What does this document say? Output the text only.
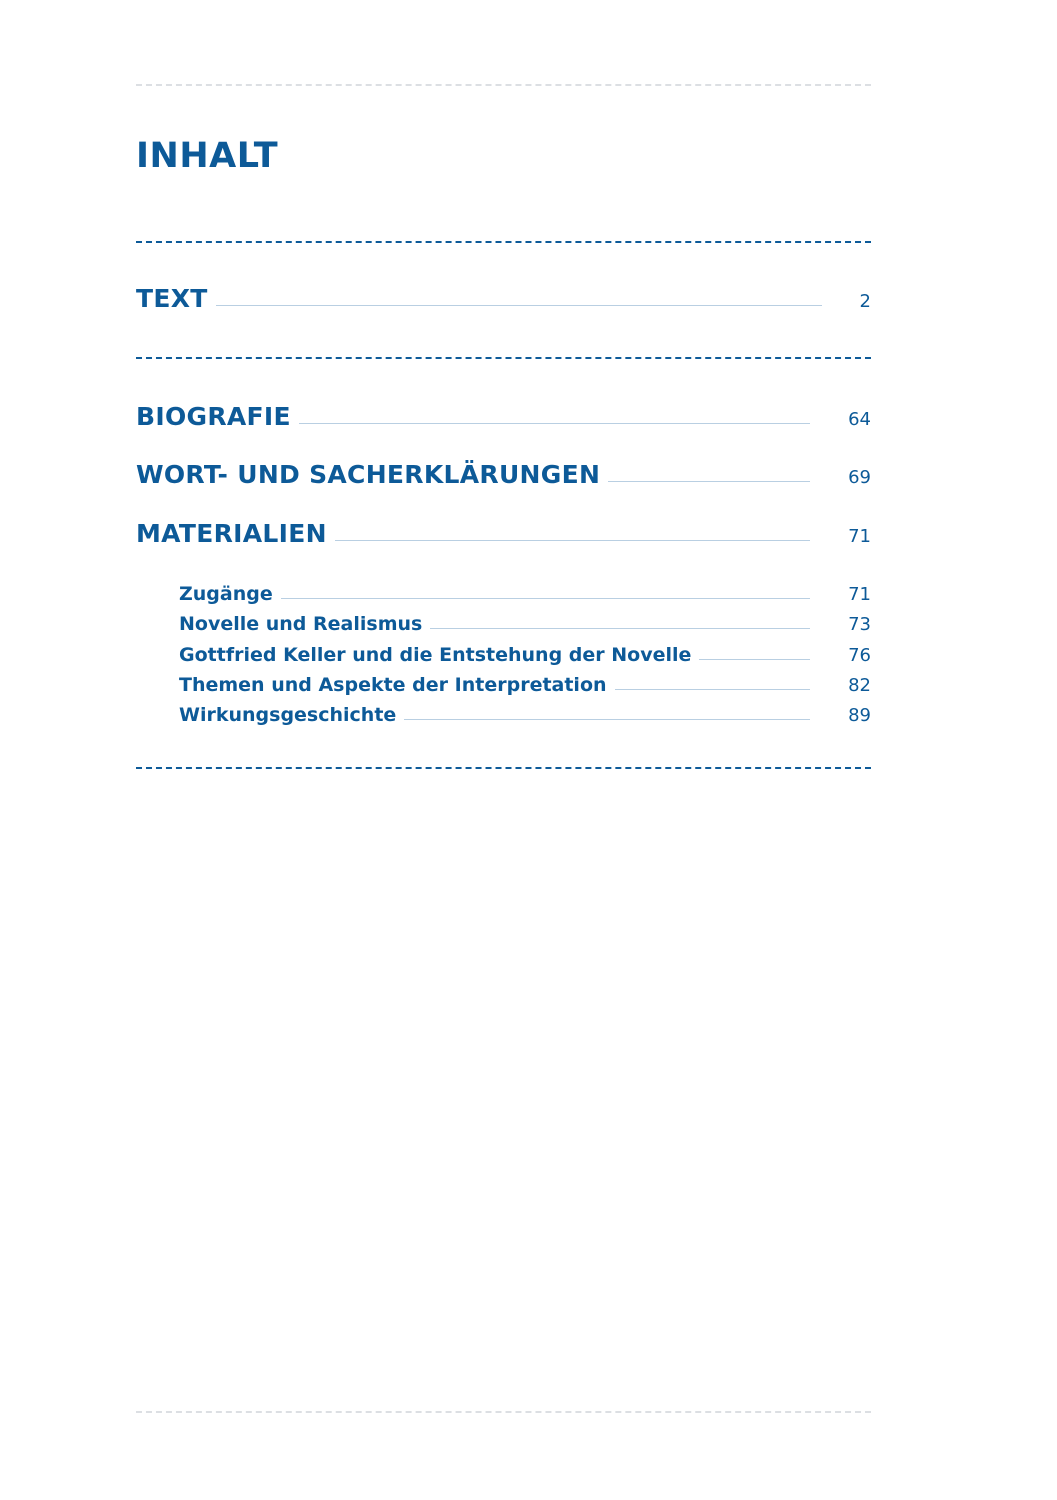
INHALT
TEXT	2
BIOGRAFIE	64
WORT- UND SACHERKLÄRUNGEN	69
MATERIALIEN	71
Zugänge	71
Novelle und Realismus	73
Gottfried Keller und die Entstehung der Novelle	76
Themen und Aspekte der Interpretation	82
Wirkungsgeschichte	89
